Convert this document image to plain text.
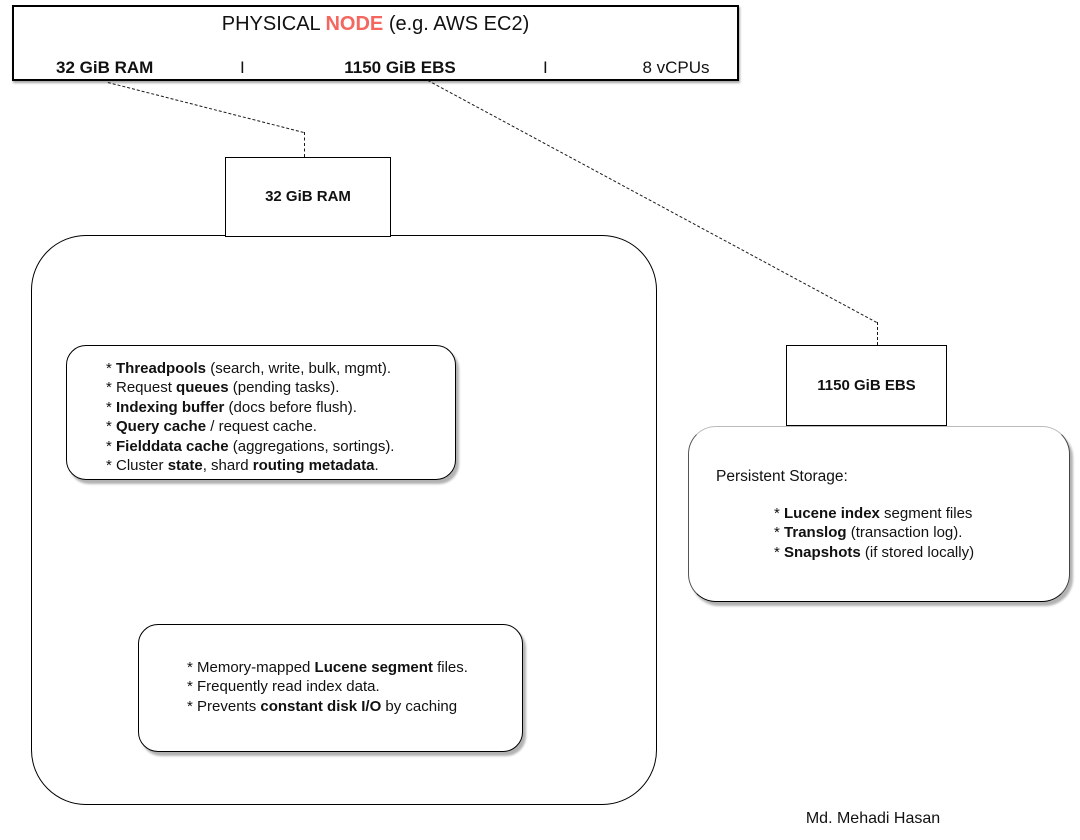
PHYSICAL NODE (e.g. AWS EC2)
32 GiB RAM	I	1150 GiB EBS	I	8 vCPUs
32 GiB RAM
* Threadpools (search, write, bulk, mgmt).
* Request queues (pending tasks).
* Indexing buffer (docs before flush).
* Query cache / request cache.
* Fielddata cache (aggregations, sortings).
* Cluster state, shard routing metadata.
* Memory-mapped Lucene segment files.
* Frequently read index data.
* Prevents constant disk I/O by caching
1150 GiB EBS
Persistent Storage:
* Lucene index segment files
* Translog (transaction log).
* Snapshots (if stored locally)
Md. Mehadi Hasan
